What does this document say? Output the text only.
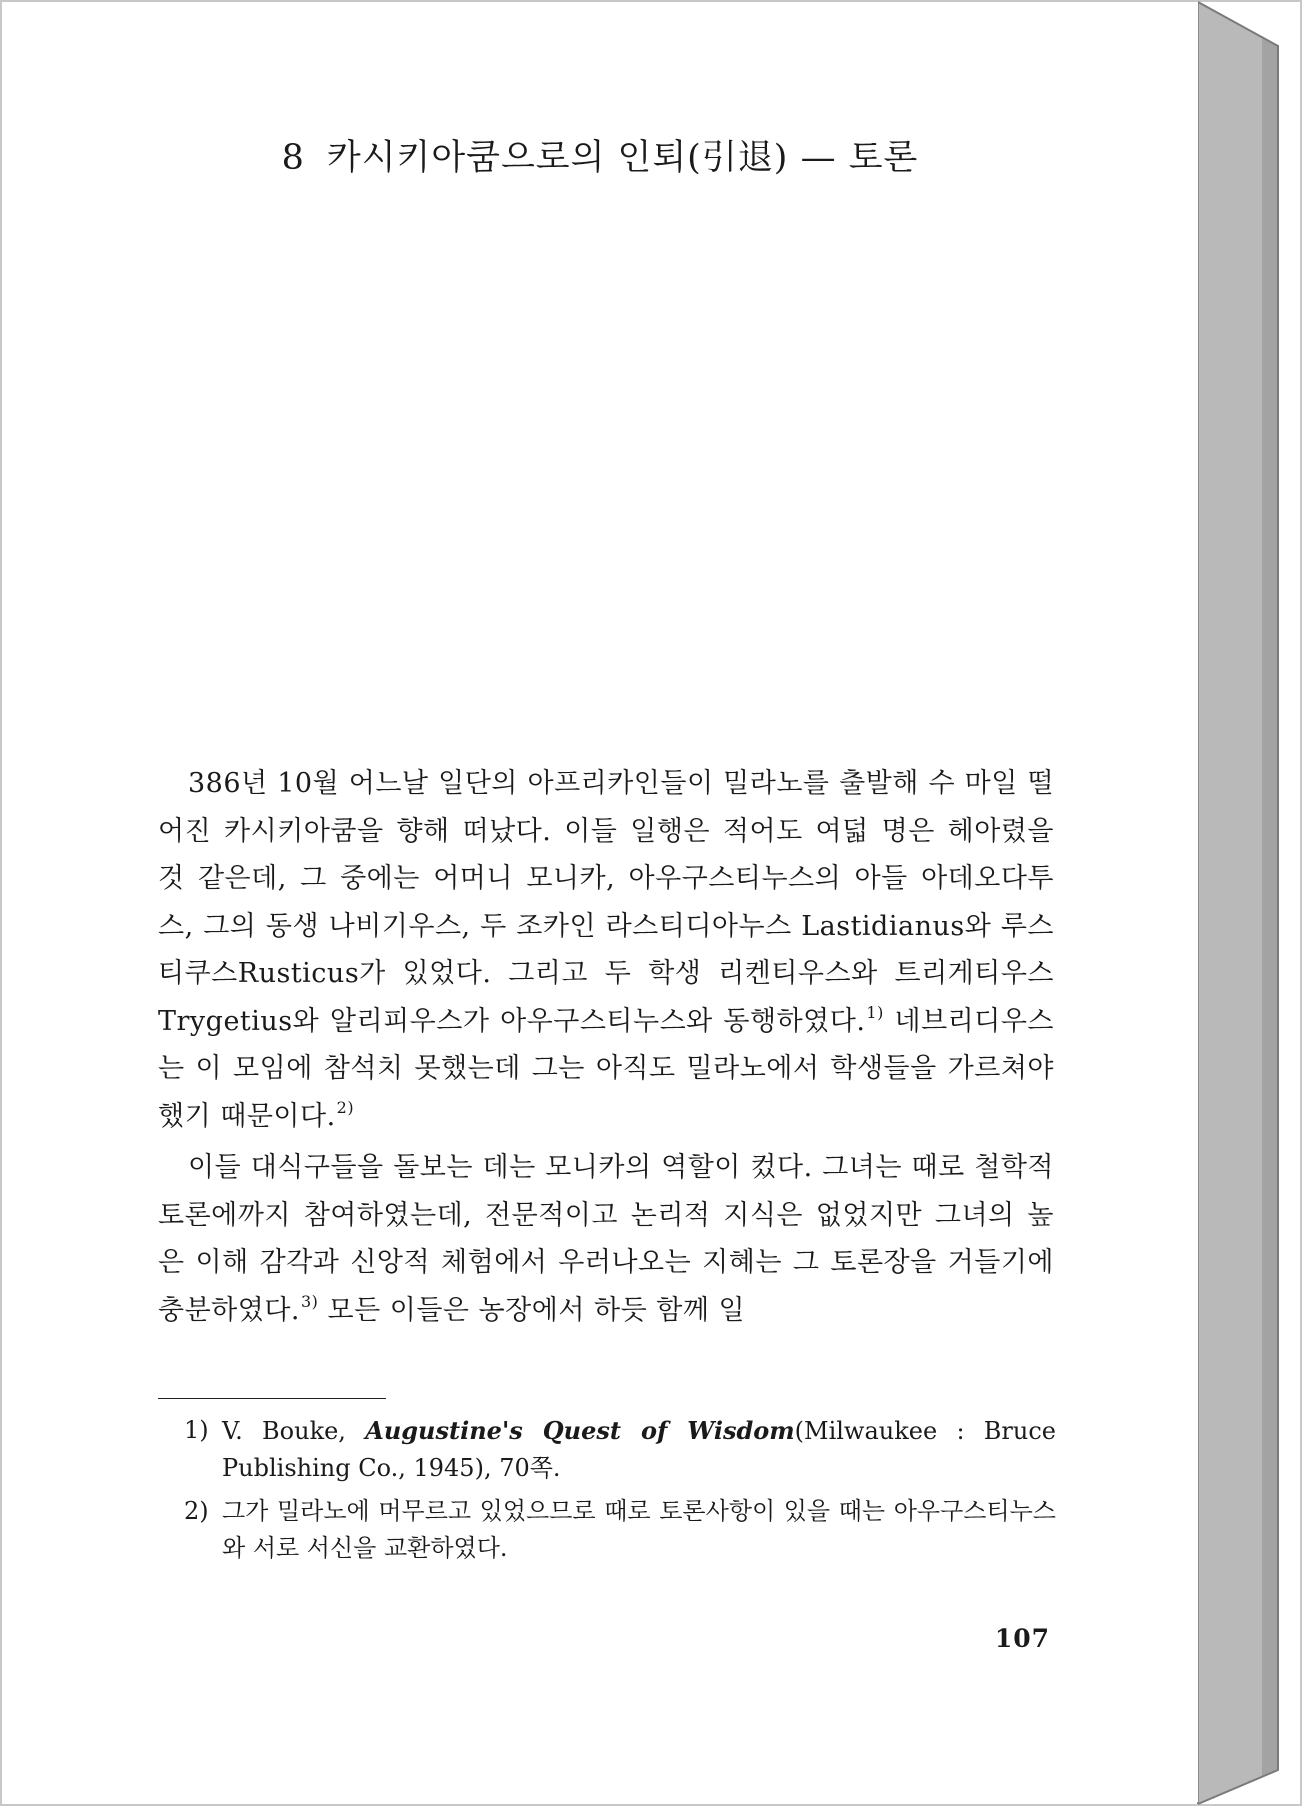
8 카시키아쿰으로의 인퇴(引退) — 토론

386년 10월 어느날 일단의 아프리카인들이 밀라노를 출발해 수 마일 떨어진 카시키아쿰을 향해 떠났다. 이들 일행은 적어도 여덟 명은 헤아렸을 것 같은데, 그 중에는 어머니 모니카, 아우구스티누스의 아들 아데오다투스, 그의 동생 나비기우스, 두 조카인 라스티디아누스 Lastidianus와 루스티쿠스Rusticus가 있었다. 그리고 두 학생 리켄티우스와 트리게티우스Trygetius와 알리피우스가 아우구스티누스와 동행하였다.$^{1)}$ 네브리디우스는 이 모임에 참석치 못했는데 그는 아직도 밀라노에서 학생들을 가르쳐야 했기 때문이다.$^{2)}$

이들 대식구들을 돌보는 데는 모니카의 역할이 컸다. 그녀는 때로 철학적 토론에까지 참여하였는데, 전문적이고 논리적 지식은 없었지만 그녀의 높은 이해 감각과 신앙적 체험에서 우러나오는 지혜는 그 토론장을 거들기에 충분하였다.$^{3)}$ 모든 이들은 농장에서 하듯 함께 일

1) V. Bouke, Augustine's Quest of Wisdom(Milwaukee : Bruce Publishing Co., 1945), 70쪽.
2) 그가 밀라노에 머무르고 있었으므로 때로 토론사항이 있을 때는 아우구스티누스와 서로 서신을 교환하였다.
107
